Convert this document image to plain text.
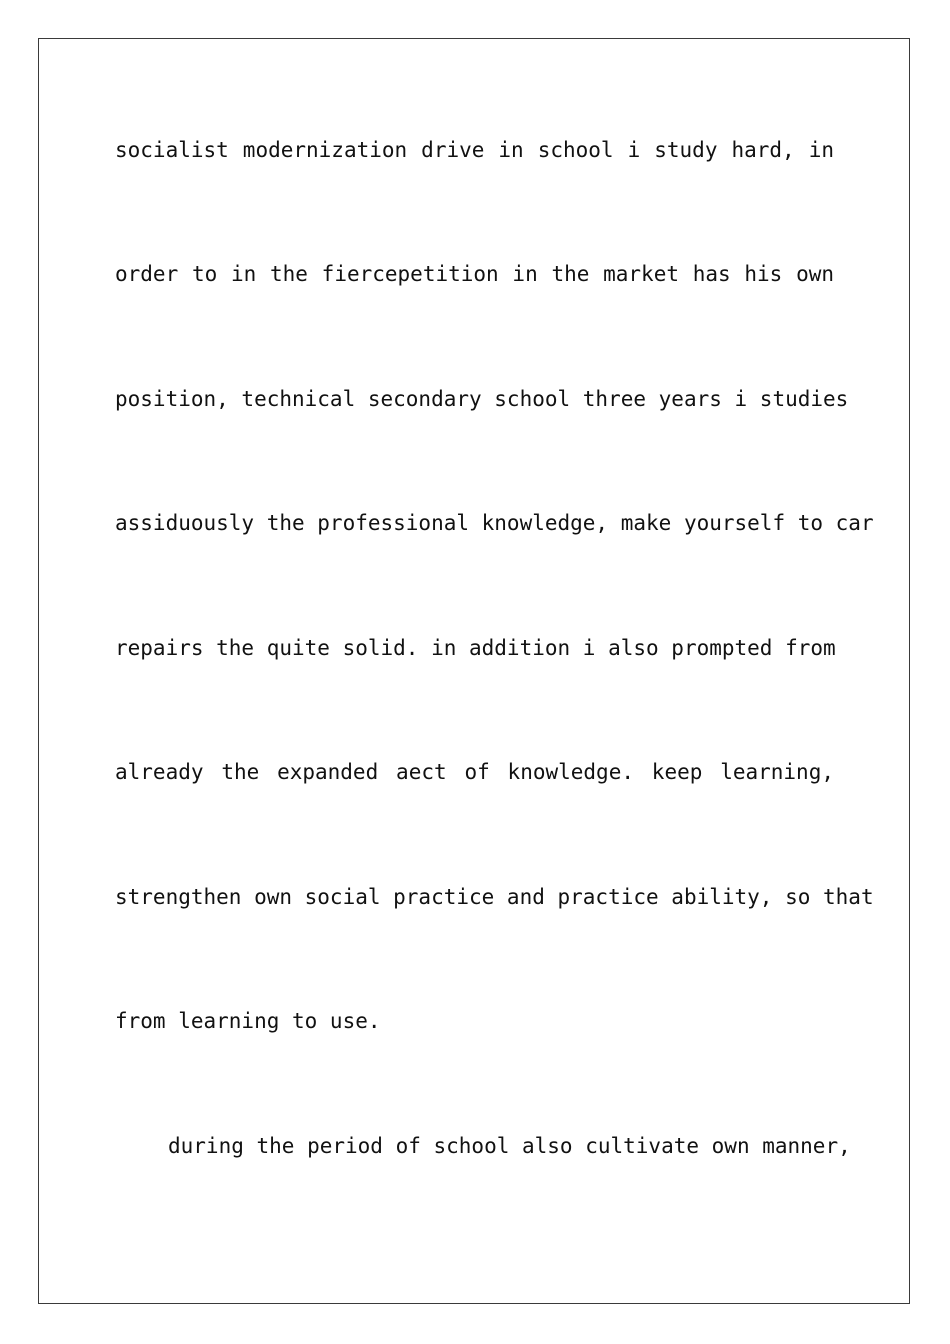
socialist modernization drive in school i study hard, in
order to in the fiercepetition in the market has his own
position, technical secondary school three years i studies
assiduously the professional knowledge, make yourself to car
repairs the quite solid. in addition i also prompted from
already the expanded aect of knowledge. keep learning,
strengthen own social practice and practice ability, so that
from learning to use.
during the period of school also cultivate own manner,
